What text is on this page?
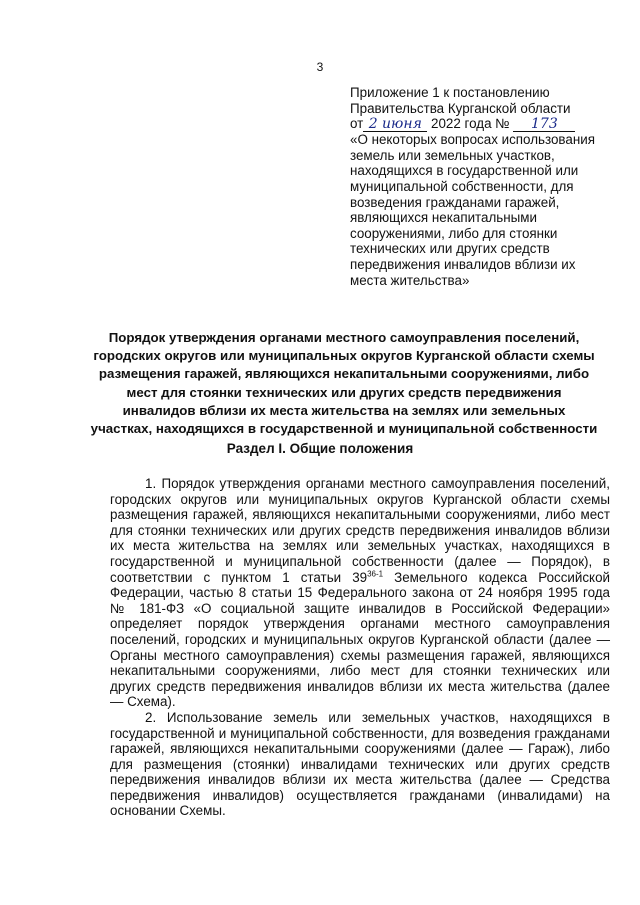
3
Приложение 1 к постановлению
Правительства Курганской области
от 2 июня 2022 года № 173
«О некоторых вопросах использования
земель или земельных участков,
находящихся в государственной или
муниципальной собственности, для
возведения гражданами гаражей,
являющихся некапитальными
сооружениями, либо для стоянки
технических или других средств
передвижения инвалидов вблизи их
места жительства»
Порядок утверждения органами местного самоуправления поселений,
городских округов или муниципальных округов Курганской области схемы
размещения гаражей, являющихся некапитальными сооружениями, либо
мест для стоянки технических или других средств передвижения
инвалидов вблизи их места жительства на землях или земельных
участках, находящихся в государственной и муниципальной собственности
Раздел I. Общие положения

1. Порядок утверждения органами местного самоуправления поселений, городских округов или муниципальных округов Курганской области схемы размещения гаражей, являющихся некапитальными сооружениями, либо мест для стоянки технических или других средств передвижения инвалидов вблизи их места жительства на землях или земельных участках, находящихся в государственной и муниципальной собственности (далее — Порядок), в соответствии с пунктом 1 статьи 39$^{36-1}$ Земельного кодекса Российской Федерации, частью 8 статьи 15 Федерального закона от 24 ноября 1995 года № 181-ФЗ «О социальной защите инвалидов в Российской Федерации» определяет порядок утверждения органами местного самоуправления поселений, городских и муниципальных округов Курганской области (далее — Органы местного самоуправления) схемы размещения гаражей, являющихся некапитальными сооружениями, либо мест для стоянки технических или других средств передвижения инвалидов вблизи их места жительства (далее — Схема).

2. Использование земель или земельных участков, находящихся в государственной и муниципальной собственности, для возведения гражданами гаражей, являющихся некапитальными сооружениями (далее — Гараж), либо для размещения (стоянки) инвалидами технических или других средств передвижения инвалидов вблизи их места жительства (далее — Средства передвижения инвалидов) осуществляется гражданами (инвалидами) на основании Схемы.
